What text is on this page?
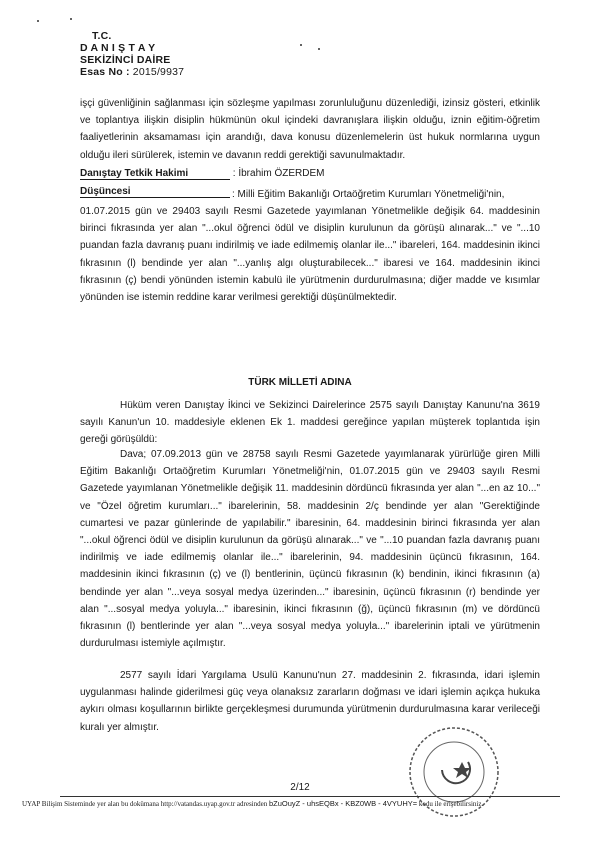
T.C.
D A N I Ş T A Y
SEKİZİNCİ DAİRE
Esas No : 2015/9937
işçi güvenliğinin sağlanması için sözleşme yapılması zorunluluğunu düzenlediği, izinsiz gösteri, etkinlik ve toplantıya ilişkin disiplin hükmünün okul içindeki davranışlara ilişkin olduğu, iznin eğitim-öğretim faaliyetlerinin aksamaması için arandığı, dava konusu düzenlemelerin üst hukuk normlarına uygun olduğu ileri sürülerek, istemin ve davanın reddi gerektiği savunulmaktadır.
Danıştay Tetkik Hakimi	: İbrahim ÖZERDEM
Düşüncesi	: Milli Eğitim Bakanlığı Ortaöğretim Kurumları Yönetmeliği'nin,
01.07.2015 gün ve 29403 sayılı Resmi Gazetede yayımlanan Yönetmelikle değişik 64. maddesinin birinci fıkrasında yer alan "...okul öğrenci ödül ve disiplin kurulunun da görüşü alınarak..." ve "...10 puandan fazla davranış puanı indirilmiş ve iade edilmemiş olanlar ile..." ibareleri, 164. maddesinin ikinci fıkrasının (l) bendinde yer alan "...yanlış algı oluşturabilecek..." ibaresi ve 164. maddesinin ikinci fıkrasının (ç) bendi yönünden istemin kabulü ile yürütmenin durdurulmasına; diğer madde ve kısımlar yönünden ise istemin reddine karar verilmesi gerektiği düşünülmektedir.
TÜRK MİLLETİ ADINA
Hüküm veren Danıştay İkinci ve Sekizinci Dairelerince 2575 sayılı Danıştay Kanunu'na 3619 sayılı Kanun'un 10. maddesiyle eklenen Ek 1. maddesi gereğince yapılan müşterek toplantıda işin gereği görüşüldü:
Dava; 07.09.2013 gün ve 28758 sayılı Resmi Gazetede yayımlanarak yürürlüğe giren Milli Eğitim Bakanlığı Ortaöğretim Kurumları Yönetmeliği'nin, 01.07.2015 gün ve 29403 sayılı Resmi Gazetede yayımlanan Yönetmelikle değişik 11. maddesinin dördüncü fıkrasında yer alan "...en az 10..." ve "Özel öğretim kurumları..." ibarelerinin, 58. maddesinin 2/ç bendinde yer alan "Gerektiğinde cumartesi ve pazar günlerinde de yapılabilir." ibaresinin, 64. maddesinin birinci fıkrasında yer alan "...okul öğrenci ödül ve disiplin kurulunun da görüşü alınarak..." ve "...10 puandan fazla davranış puanı indirilmiş ve iade edilmemiş olanlar ile..." ibarelerinin, 94. maddesinin üçüncü fıkrasının, 164. maddesinin ikinci fıkrasının (ç) ve (l) bentlerinin, üçüncü fıkrasının (k) bendinin, ikinci fıkrasının (a) bendinde yer alan "...veya sosyal medya üzerinden..." ibaresinin, üçüncü fıkrasının (r) bendinde yer alan "...sosyal medya yoluyla..." ibaresinin, ikinci fıkrasının (ğ), üçüncü fıkrasının (m) ve dördüncü fıkrasının (l) bentlerinde yer alan "...veya sosyal medya yoluyla..." ibarelerinin iptali ve yürütmenin durdurulması istemiyle açılmıştır.
2577 sayılı İdari Yargılama Usulü Kanunu'nun 27. maddesinin 2. fıkrasında, idari işlemin uygulanması halinde giderilmesi güç veya olanaksız zararların doğması ve idari işlemin açıkça hukuka aykırı olması koşullarının birlikte gerçekleşmesi durumunda yürütmenin durdurulmasına karar verileceği kuralı yer almıştır.
2/12
UYAP Bilişim Sisteminde yer alan bu dokümana http://vatandas.uyap.gov.tr adresinden bZuOuyZ - uhsEQBx - KBZ0WB - 4VYUHY= kodu ile erişebilirsiniz.
